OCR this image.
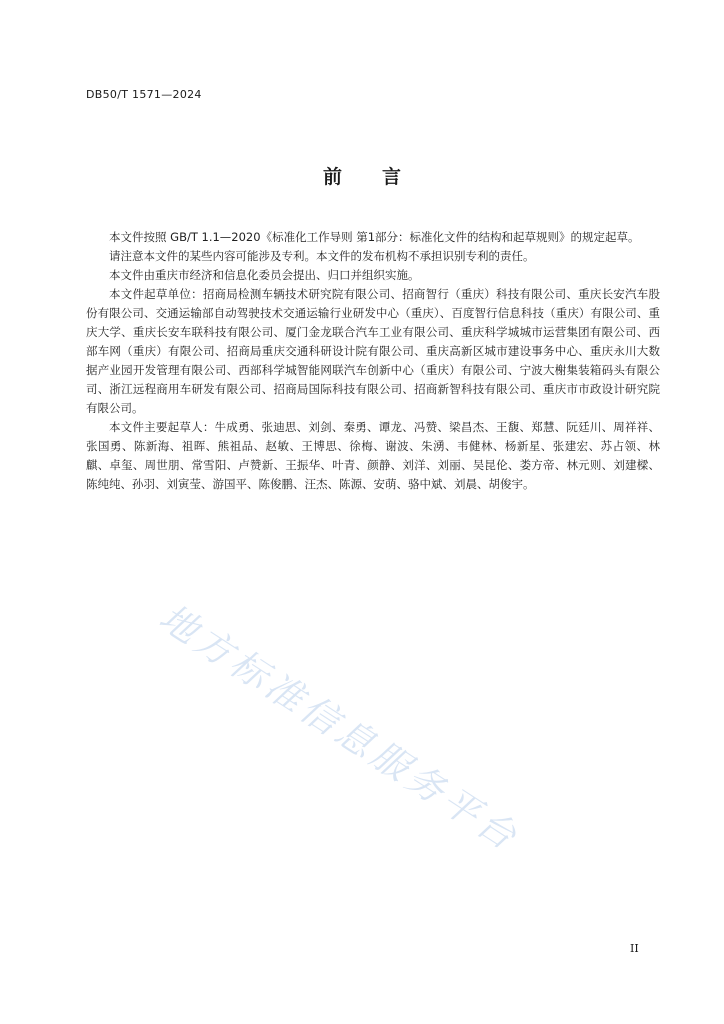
DB50/T 1571—2024
前 言

本文件按照 GB/T 1.1—2020《标准化工作导则 第1部分：标准化文件的结构和起草规则》的规定起草。

请注意本文件的某些内容可能涉及专利。本文件的发布机构不承担识别专利的责任。

本文件由重庆市经济和信息化委员会提出、归口并组织实施。

本文件起草单位：招商局检测车辆技术研究院有限公司、招商智行（重庆）科技有限公司、重庆长安汽车股份有限公司、交通运输部自动驾驶技术交通运输行业研发中心（重庆）、百度智行信息科技（重庆）有限公司、重庆大学、重庆长安车联科技有限公司、厦门金龙联合汽车工业有限公司、重庆科学城城市运营集团有限公司、西部车网（重庆）有限公司、招商局重庆交通科研设计院有限公司、重庆高新区城市建设事务中心、重庆永川大数据产业园开发管理有限公司、西部科学城智能网联汽车创新中心（重庆）有限公司、宁波大榭集装箱码头有限公司、浙江远程商用车研发有限公司、招商局国际科技有限公司、招商新智科技有限公司、重庆市市政设计研究院有限公司。

本文件主要起草人：牛成勇、张迪思、刘剑、秦勇、谭龙、冯赞、梁昌杰、王馥、郑慧、阮廷川、周祥祥、张国勇、陈新海、祖晖、熊祖品、赵敏、王博思、徐梅、谢波、朱湧、韦健林、杨新星、张建宏、苏占领、林麒、卓玺、周世朋、常雪阳、卢赞新、王振华、叶青、颜静、刘洋、刘丽、吴昆伦、娄方帝、林元则、刘建樑、陈纯纯、孙羽、刘寅莹、游国平、陈俊鹏、汪杰、陈源、安萌、骆中斌、刘晨、胡俊宇。

地方标准信息服务平台
II
